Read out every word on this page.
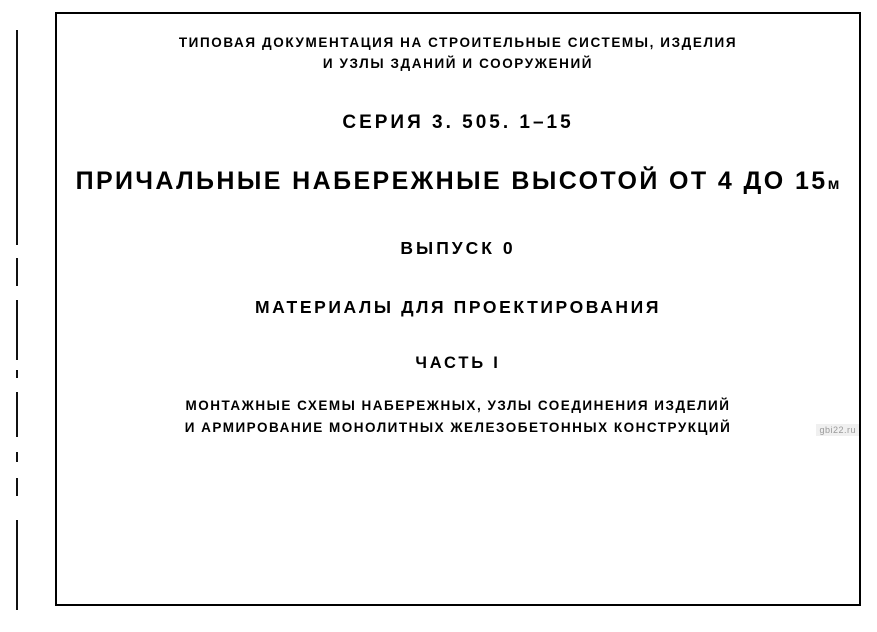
ТИПОВАЯ ДОКУМЕНТАЦИЯ НА СТРОИТЕЛЬНЫЕ СИСТЕМЫ, ИЗДЕЛИЯ
И УЗЛЫ ЗДАНИЙ И СООРУЖЕНИЙ
СЕРИЯ 3. 505. 1–15
ПРИЧАЛЬНЫЕ НАБЕРЕЖНЫЕ ВЫСОТОЙ ОТ 4 ДО 15м
ВЫПУСК 0
МАТЕРИАЛЫ ДЛЯ ПРОЕКТИРОВАНИЯ
ЧАСТЬ I
МОНТАЖНЫЕ СХЕМЫ НАБЕРЕЖНЫХ, УЗЛЫ СОЕДИНЕНИЯ ИЗДЕЛИЙ
И АРМИРОВАНИЕ МОНОЛИТНЫХ ЖЕЛЕЗОБЕТОННЫХ КОНСТРУКЦИЙ	gbi22.ru
